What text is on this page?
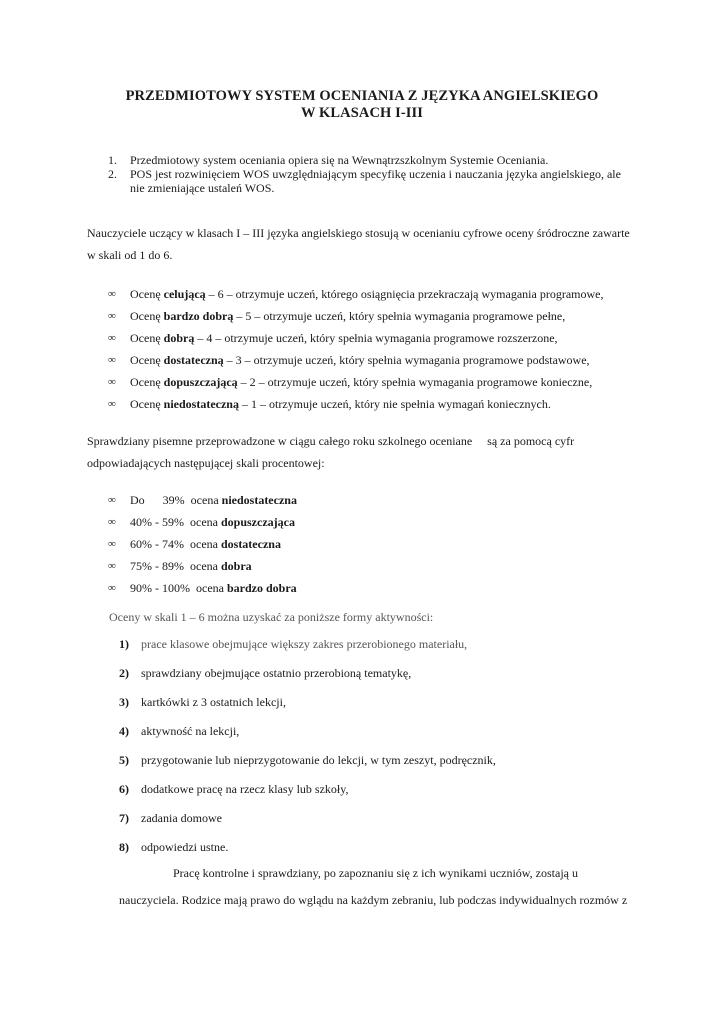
PRZEDMIOTOWY SYSTEM OCENIANIA Z JĘZYKA ANGIELSKIEGO
W KLASACH I-III
1. Przedmiotowy system oceniania opiera się na Wewnątrzszkolnym Systemie Oceniania.
2. POS jest rozwinięciem WOS uwzględniającym specyfikę uczenia i nauczania języka angielskiego, ale
nie zmieniające ustaleń WOS.
Nauczyciele uczący w klasach I – III języka angielskiego stosują w ocenianiu cyfrowe oceny śródroczne zawarte
w skali od 1 do 6.
∞ Ocenę celującą – 6 – otrzymuje uczeń, którego osiągnięcia przekraczają wymagania programowe,
∞ Ocenę bardzo dobrą – 5 – otrzymuje uczeń, który spełnia wymagania programowe pełne,
∞ Ocenę dobrą – 4 – otrzymuje uczeń, który spełnia wymagania programowe rozszerzone,
∞ Ocenę dostateczną – 3 – otrzymuje uczeń, który spełnia wymagania programowe podstawowe,
∞ Ocenę dopuszczającą – 2 – otrzymuje uczeń, który spełnia wymagania programowe konieczne,
∞ Ocenę niedostateczną – 1 – otrzymuje uczeń, który nie spełnia wymagań koniecznych.
Sprawdziany pisemne przeprowadzone w ciągu całego roku szkolnego oceniane     są za pomocą cyfr
odpowiadających następującej skali procentowej:
∞ Do      39%  ocena niedostateczna
∞ 40% - 59%  ocena dopuszczająca
∞ 60% - 74%  ocena dostateczna
∞ 75% - 89%  ocena dobra
∞ 90% - 100%  ocena bardzo dobra
Oceny w skali 1 – 6 można uzyskać za poniższe formy aktywności:
1) prace klasowe obejmujące większy zakres przerobionego materiału,
2) sprawdziany obejmujące ostatnio przerobioną tematykę,
3) kartkówki z 3 ostatnich lekcji,
4) aktywność na lekcji,
5) przygotowanie lub nieprzygotowanie do lekcji, w tym zeszyt, podręcznik,
6) dodatkowe pracę na rzecz klasy lub szkoły,
7) zadania domowe
8) odpowiedzi ustne.
Pracę kontrolne i sprawdziany, po zapoznaniu się z ich wynikami uczniów, zostają u
nauczyciela. Rodzice mają prawo do wglądu na każdym zebraniu, lub podczas indywidualnych rozmów z
